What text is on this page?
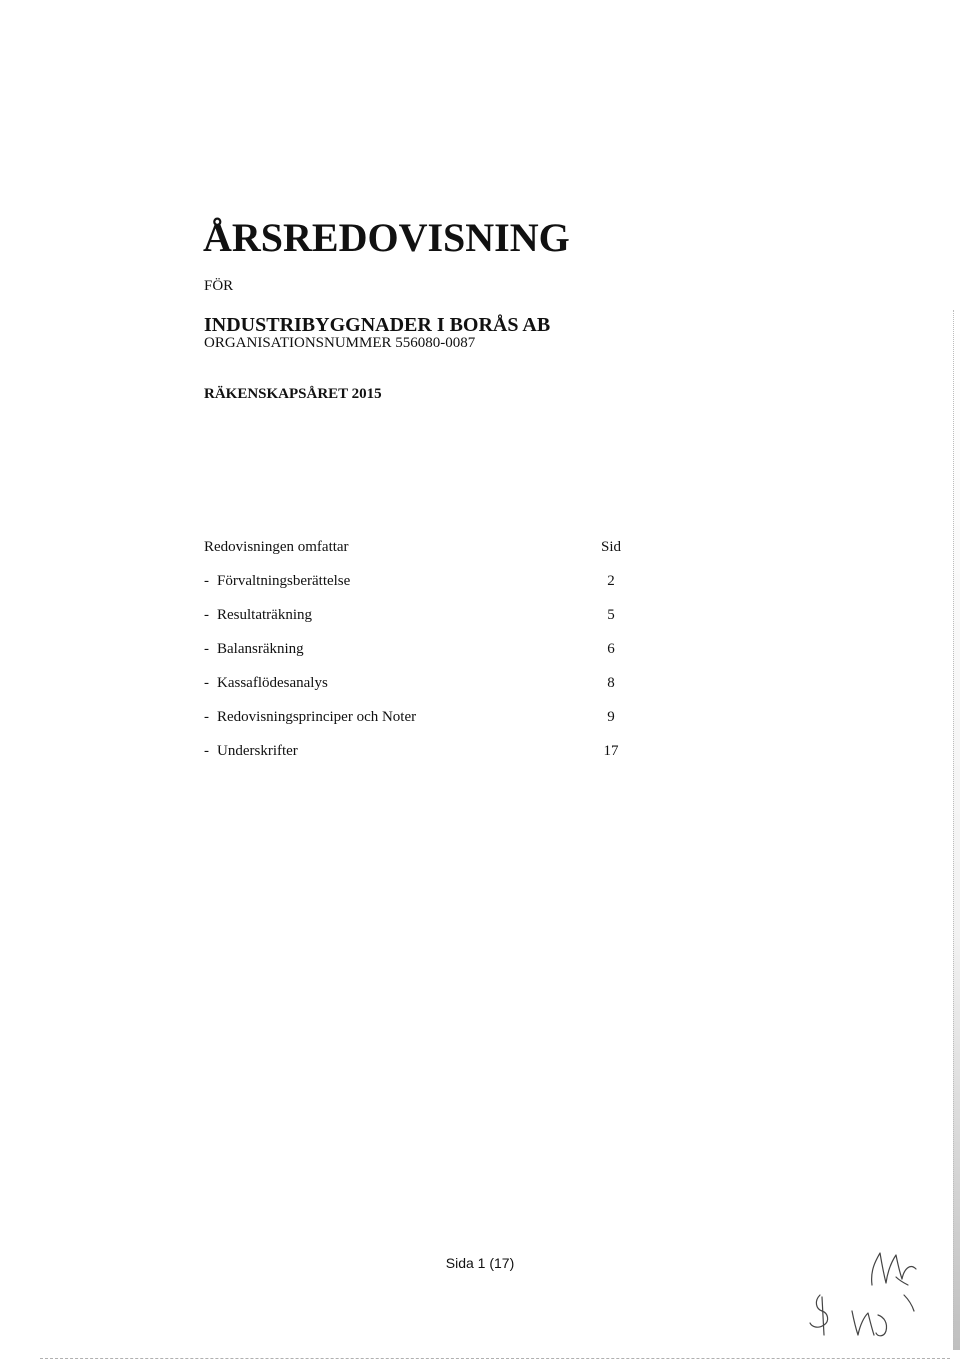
ÅRSREDOVISNING
FÖR
INDUSTRIBYGGNADER I BORÅS AB
ORGANISATIONSNUMMER 556080-0087
RÄKENSKAPSÅRET 2015
Redovisningen omfattar	Sid
- Förvaltningsberättelse	2
- Resultaträkning	5
- Balansräkning	6
- Kassaflödesanalys	8
- Redovisningsprinciper och Noter	9
- Underskrifter	17
Sida 1 (17)
